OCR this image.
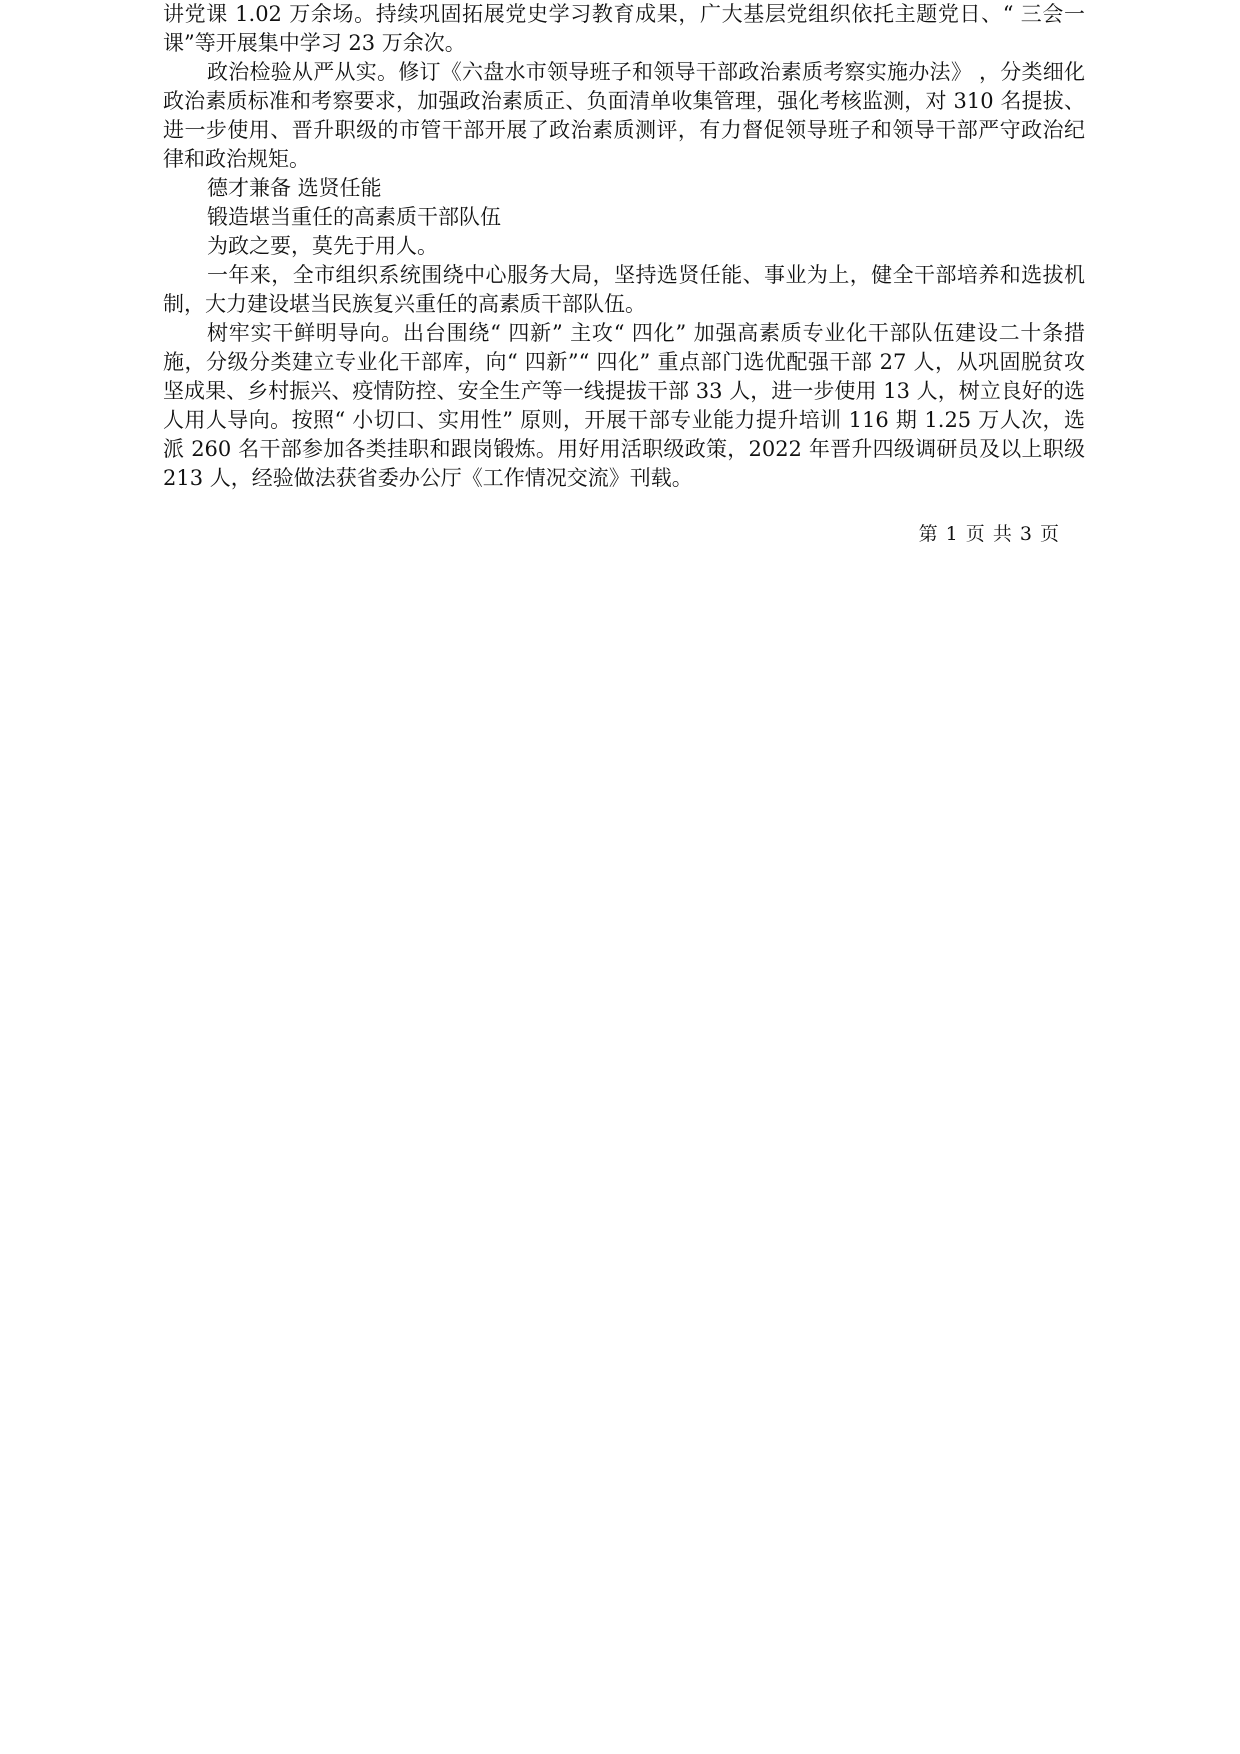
讲党课 1.02 万余场。持续巩固拓展党史学习教育成果，广大基层党组织依托主题党日、“ 三会一课”等开展集中学习 23 万余次。

政治检验从严从实。修订《六盘水市领导班子和领导干部政治素质考察实施办法》 ，分类细化政治素质标准和考察要求，加强政治素质正、负面清单收集管理，强化考核监测，对 310 名提拔、进一步使用、晋升职级的市管干部开展了政治素质测评，有力督促领导班子和领导干部严守政治纪律和政治规矩。

德才兼备 选贤任能

锻造堪当重任的高素质干部队伍

为政之要，莫先于用人。

一年来，全市组织系统围绕中心服务大局，坚持选贤任能、事业为上，健全干部培养和选拔机制，大力建设堪当民族复兴重任的高素质干部队伍。

树牢实干鲜明导向。出台围绕“ 四新” 主攻“ 四化” 加强高素质专业化干部队伍建设二十条措施，分级分类建立专业化干部库，向“ 四新”“ 四化” 重点部门选优配强干部 27 人，从巩固脱贫攻坚成果、乡村振兴、疫情防控、安全生产等一线提拔干部 33 人，进一步使用 13 人，树立良好的选人用人导向。按照“ 小切口、实用性” 原则，开展干部专业能力提升培训 116 期 1.25 万人次，选派 260 名干部参加各类挂职和跟岗锻炼。用好用活职级政策，2022 年晋升四级调研员及以上职级 213 人，经验做法获省委办公厅《工作情况交流》刊载。

第 1 页 共 3 页
